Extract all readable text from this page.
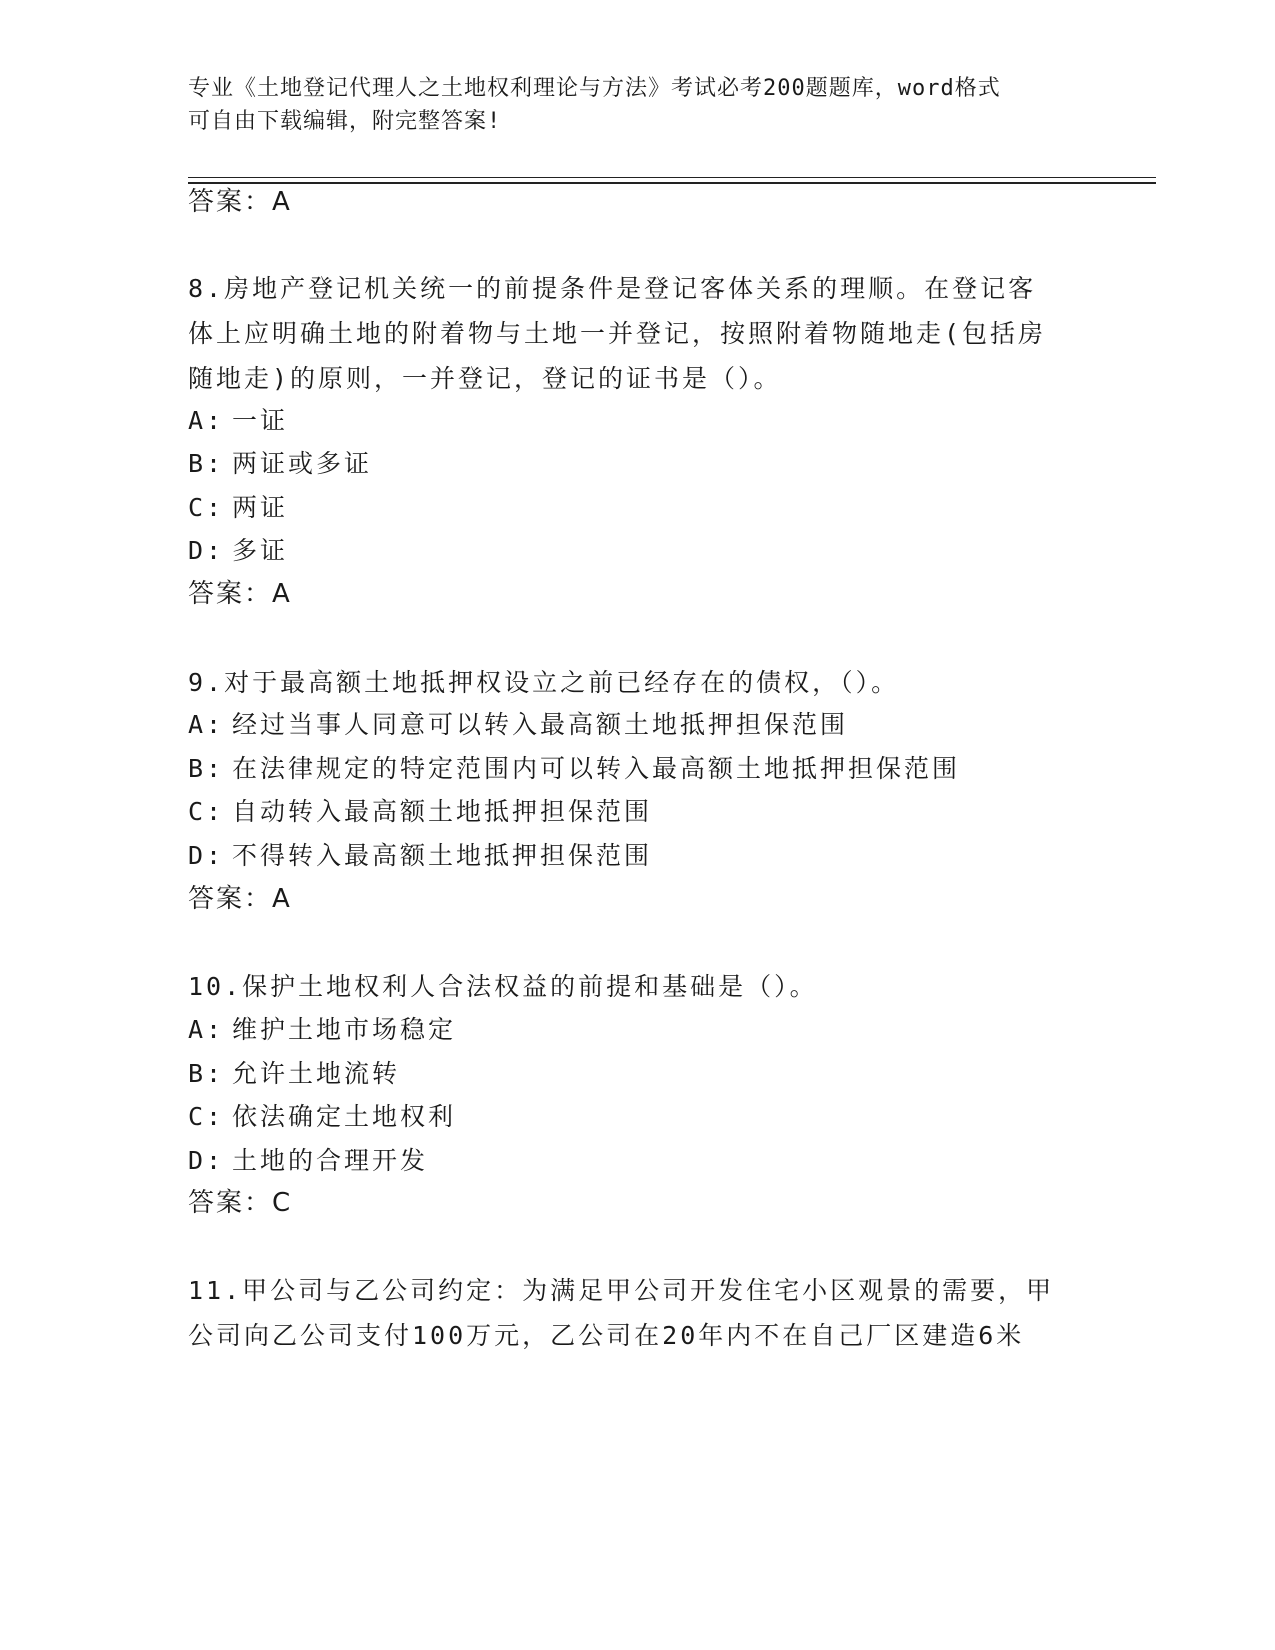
专业《土地登记代理人之土地权利理论与方法》考试必考200题题库，word格式
可自由下载编辑，附完整答案!
答案：A
8.房地产登记机关统一的前提条件是登记客体关系的理顺。在登记客
体上应明确土地的附着物与土地一并登记，按照附着物随地走(包括房
随地走)的原则，一并登记，登记的证书是（）。
A: 一证
B: 两证或多证
C: 两证
D: 多证
答案：A
9.对于最高额土地抵押权设立之前已经存在的债权，（）。
A: 经过当事人同意可以转入最高额土地抵押担保范围
B: 在法律规定的特定范围内可以转入最高额土地抵押担保范围
C: 自动转入最高额土地抵押担保范围
D: 不得转入最高额土地抵押担保范围
答案：A
10.保护土地权利人合法权益的前提和基础是（）。
A: 维护土地市场稳定
B: 允许土地流转
C: 依法确定土地权利
D: 土地的合理开发
答案：C
11.甲公司与乙公司约定：为满足甲公司开发住宅小区观景的需要，甲
公司向乙公司支付100万元，乙公司在20年内不在自己厂区建造6米
